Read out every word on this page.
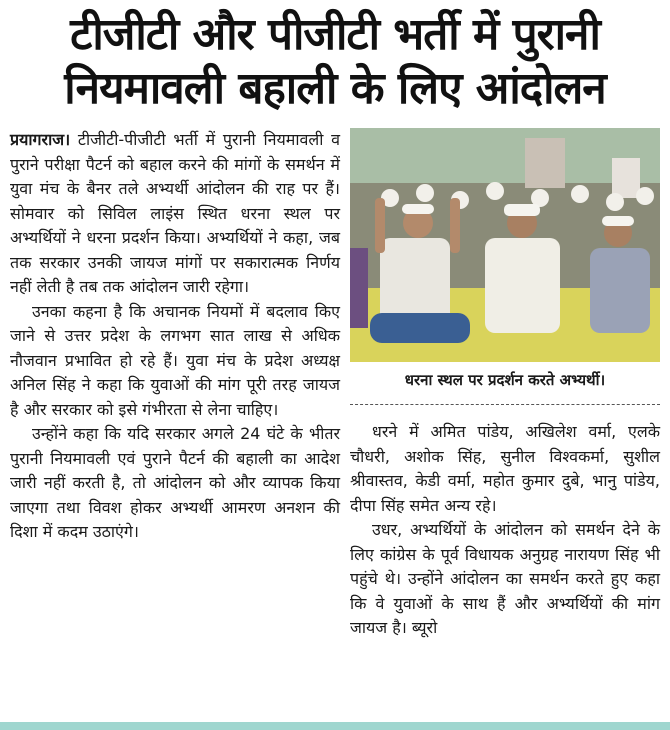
टीजीटी और पीजीटी भर्ती में पुरानी
नियमावली बहाली के लिए आंदोलन

प्रयागराज। टीजीटी-पीजीटी भर्ती में पुरानी नियमावली व पुराने परीक्षा पैटर्न को बहाल करने की मांगों के समर्थन में युवा मंच के बैनर तले अभ्यर्थी आंदोलन की राह पर हैं। सोमवार को सिविल लाइंस स्थित धरना स्थल पर अभ्यर्थियों ने धरना प्रदर्शन किया। अभ्यर्थियों ने कहा, जब तक सरकार उनकी जायज मांगों पर सकारात्मक निर्णय नहीं लेती है तब तक आंदोलन जारी रहेगा।

उनका कहना है कि अचानक नियमों में बदलाव किए जाने से उत्तर प्रदेश के लगभग सात लाख से अधिक नौजवान प्रभावित हो रहे हैं। युवा मंच के प्रदेश अध्यक्ष अनिल सिंह ने कहा कि युवाओं की मांग पूरी तरह जायज है और सरकार को इसे गंभीरता से लेना चाहिए।

उन्होंने कहा कि यदि सरकार अगले 24 घंटे के भीतर पुरानी नियमावली एवं पुराने पैटर्न की बहाली का आदेश जारी नहीं करती है, तो आंदोलन को और व्यापक किया जाएगा तथा विवश होकर अभ्यर्थी आमरण अनशन की दिशा में कदम उठाएंगे।

धरना स्थल पर प्रदर्शन करते अभ्यर्थी।

धरने में अमित पांडेय, अखिलेश वर्मा, एलके चौधरी, अशोक सिंह, सुनील विश्वकर्मा, सुशील श्रीवास्तव, केडी वर्मा, महोत कुमार दुबे, भानु पांडेय, दीपा सिंह समेत अन्य रहे।

उधर, अभ्यर्थियों के आंदोलन को समर्थन देने के लिए कांग्रेस के पूर्व विधायक अनुग्रह नारायण सिंह भी पहुंचे थे। उन्होंने आंदोलन का समर्थन करते हुए कहा कि वे युवाओं के साथ हैं और अभ्यर्थियों की मांग जायज है। ब्यूरो
